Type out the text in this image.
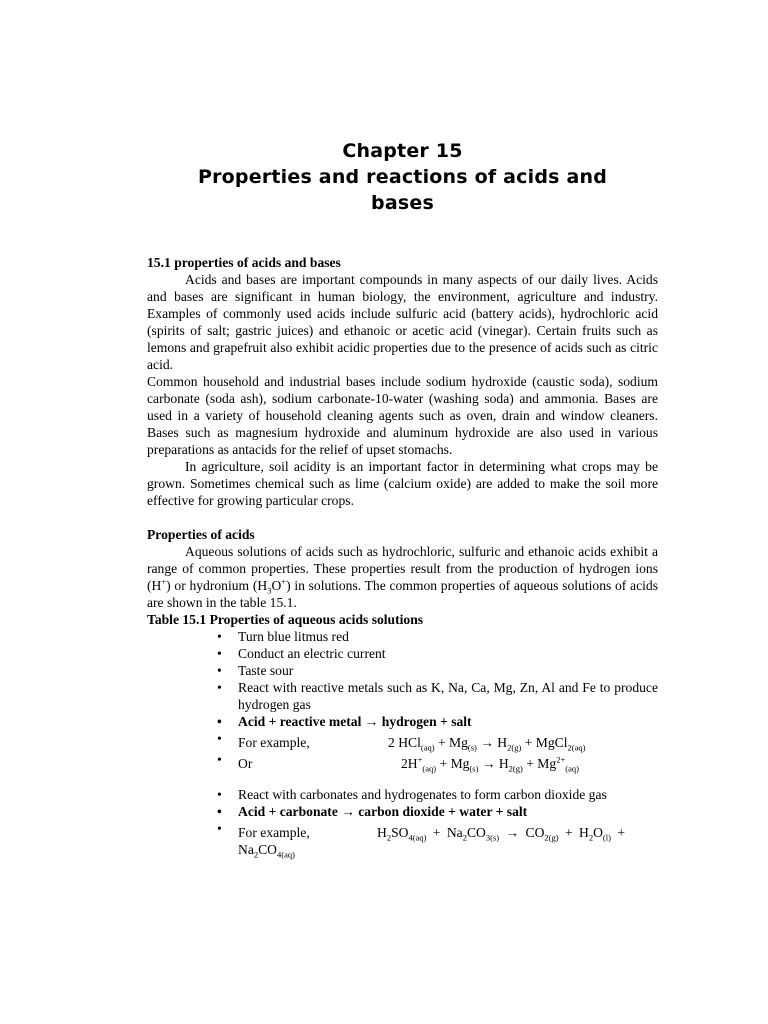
Chapter 15
Properties and reactions of acids and
bases
15.1 properties of acids and bases

Acids and bases are important compounds in many aspects of our daily lives. Acids and bases are significant in human biology, the environment, agriculture and industry. Examples of commonly used acids include sulfuric acid (battery acids), hydrochloric acid (spirits of salt; gastric juices) and ethanoic or acetic acid (vinegar). Certain fruits such as lemons and grapefruit also exhibit acidic properties due to the presence of acids such as citric acid.

Common household and industrial bases include sodium hydroxide (caustic soda), sodium carbonate (soda ash), sodium carbonate-10-water (washing soda) and ammonia. Bases are used in a variety of household cleaning agents such as oven, drain and window cleaners. Bases such as magnesium hydroxide and aluminum hydroxide are also used in various preparations as antacids for the relief of upset stomachs.

In agriculture, soil acidity is an important factor in determining what crops may be grown. Sometimes chemical such as lime (calcium oxide) are added to make the soil more effective for growing particular crops.

Properties of acids

Aqueous solutions of acids such as hydrochloric, sulfuric and ethanoic acids exhibit a range of common properties. These properties result from the production of hydrogen ions (H+) or hydronium $(H_3O^+)$ in solutions. The common properties of aqueous solutions of acids are shown in the table 15.1.

Table 15.1 Properties of aqueous acids solutions
•	Turn blue litmus red
•	Conduct an electric current
•	Taste sour
•	React with reactive metals such as K, Na, Ca, Mg, Zn, Al and Fe to produce hydrogen gas
•	Acid + reactive metal → hydrogen + salt
•	For example,	2 $HCl_{(aq)} + Mg_{(s)} \to H_{2(g)}$ + MgCl$_{2(aq)}$
•	Or	$2H^+_{(aq)} + Mg_{(s)} \to H_{2(g)} + Mg^{2+}_{(aq)}$
•	React with carbonates and hydrogenates to form carbon dioxide gas
•	Acid + carbonate → carbon dioxide + water + salt
•	For example,	$H_2SO_{4(aq)} + Na_2CO_{3(s)} \to CO_{2(g)} + H_2O_{(l)}$ +
$Na_2CO_{4(aq)}$
